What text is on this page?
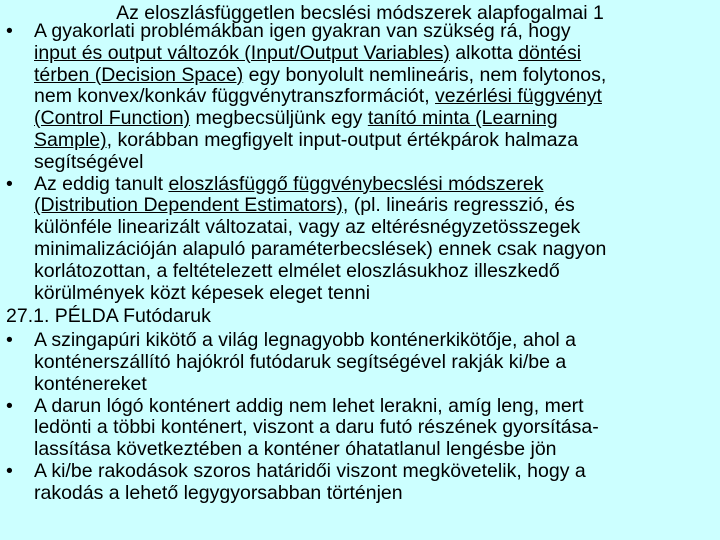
Az eloszlásfüggetlen becslési módszerek alapfogalmai 1
•	A gyakorlati problémákban igen gyakran van szükség rá, hogy
input és output változók (Input/Output Variables) alkotta döntési
térben (Decision Space) egy bonyolult nemlineáris, nem folytonos,
nem konvex/konkáv függvénytranszformációt, vezérlési függvényt
(Control Function) megbecsüljünk egy tanító minta (Learning
Sample), korábban megfigyelt input-output értékpárok halmaza
segítségével
•	Az eddig tanult eloszlásfüggő függvénybecslési módszerek
(Distribution Dependent Estimators), (pl. lineáris regresszió, és
különféle linearizált változatai, vagy az eltérésnégyzetösszegek
minimalizációján alapuló paraméterbecslések) ennek csak nagyon
korlátozottan, a feltételezett elmélet eloszlásukhoz illeszkedő
körülmények közt képesek eleget tenni
27.1. PÉLDA Futódaruk
•	A szingapúri kikötő a világ legnagyobb konténerkikötője, ahol a
konténerszállító hajókról futódaruk segítségével rakják ki/be a
konténereket
•	A darun lógó konténert addig nem lehet lerakni, amíg leng, mert
ledönti a többi konténert, viszont a daru futó részének gyorsítása-
lassítása következtében a konténer óhatatlanul lengésbe jön
•	A ki/be rakodások szoros határidői viszont megkövetelik, hogy a
rakodás a lehető legygyorsabban történjen
